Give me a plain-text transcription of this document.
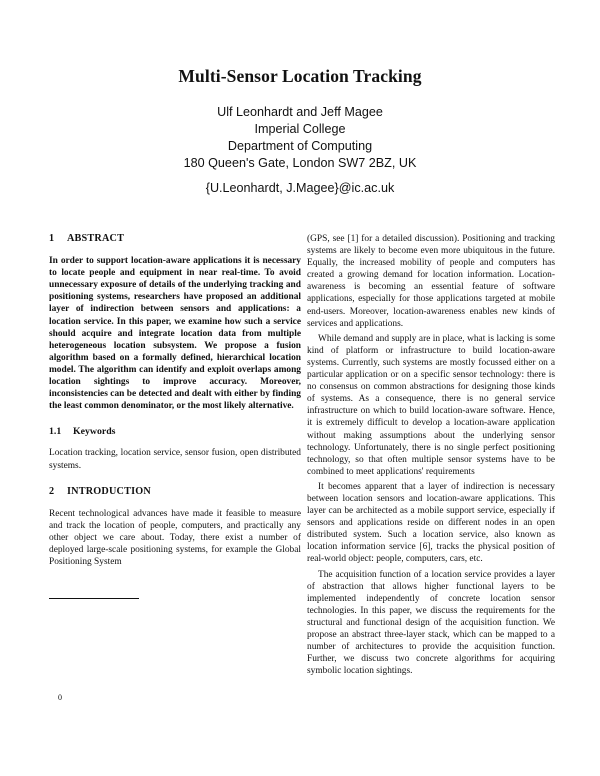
Multi-Sensor Location Tracking
Ulf Leonhardt and Jeff Magee
Imperial College
Department of Computing
180 Queen's Gate, London SW7 2BZ, UK
{U.Leonhardt, J.Magee}@ic.ac.uk
1 ABSTRACT

In order to support location-aware applications it is necessary to locate people and equipment in near real-time. To avoid unnecessary exposure of details of the underlying tracking and positioning systems, researchers have proposed an additional layer of indirection between sensors and applications: a location service. In this paper, we examine how such a service should acquire and integrate location data from multiple heterogeneous location subsystem. We propose a fusion algorithm based on a formally defined, hierarchical location model. The algorithm can identify and exploit overlaps among location sightings to improve accuracy. Moreover, inconsistencies can be detected and dealt with either by finding the least common denominator, or the most likely alternative.

1.1 Keywords

Location tracking, location service, sensor fusion, open distributed systems.

2 INTRODUCTION

Recent technological advances have made it feasible to measure and track the location of people, computers, and practically any other object we care about. Today, there exist a number of deployed large-scale positioning systems, for example the Global Positioning System

0

(GPS, see [1] for a detailed discussion). Positioning and tracking systems are likely to become even more ubiquitous in the future. Equally, the increased mobility of people and computers has created a growing demand for location information. Location-awareness is becoming an essential feature of software applications, especially for those applications targeted at mobile end-users. Moreover, location-awareness enables new kinds of services and applications.

While demand and supply are in place, what is lacking is some kind of platform or infrastructure to build location-aware systems. Currently, such systems are mostly focussed either on a particular application or on a specific sensor technology: there is no consensus on common abstractions for designing those kinds of systems. As a consequence, there is no general service infrastructure on which to build location-aware software. Hence, it is extremely difficult to develop a location-aware application without making assumptions about the underlying sensor technology. Unfortunately, there is no single perfect positioning technology, so that often multiple sensor systems have to be combined to meet applications' requirements

It becomes apparent that a layer of indirection is necessary between location sensors and location-aware applications. This layer can be architected as a mobile support service, especially if sensors and applications reside on different nodes in an open distributed system. Such a location service, also known as location information service [6], tracks the physical position of real-world object: people, computers, cars, etc.

The acquisition function of a location service provides a layer of abstraction that allows higher functional layers to be implemented independently of concrete location sensor technologies. In this paper, we discuss the requirements for the structural and functional design of the acquisition function. We propose an abstract three-layer stack, which can be mapped to a number of architectures to provide the acquisition function. Further, we discuss two concrete algorithms for acquiring symbolic location sightings.
